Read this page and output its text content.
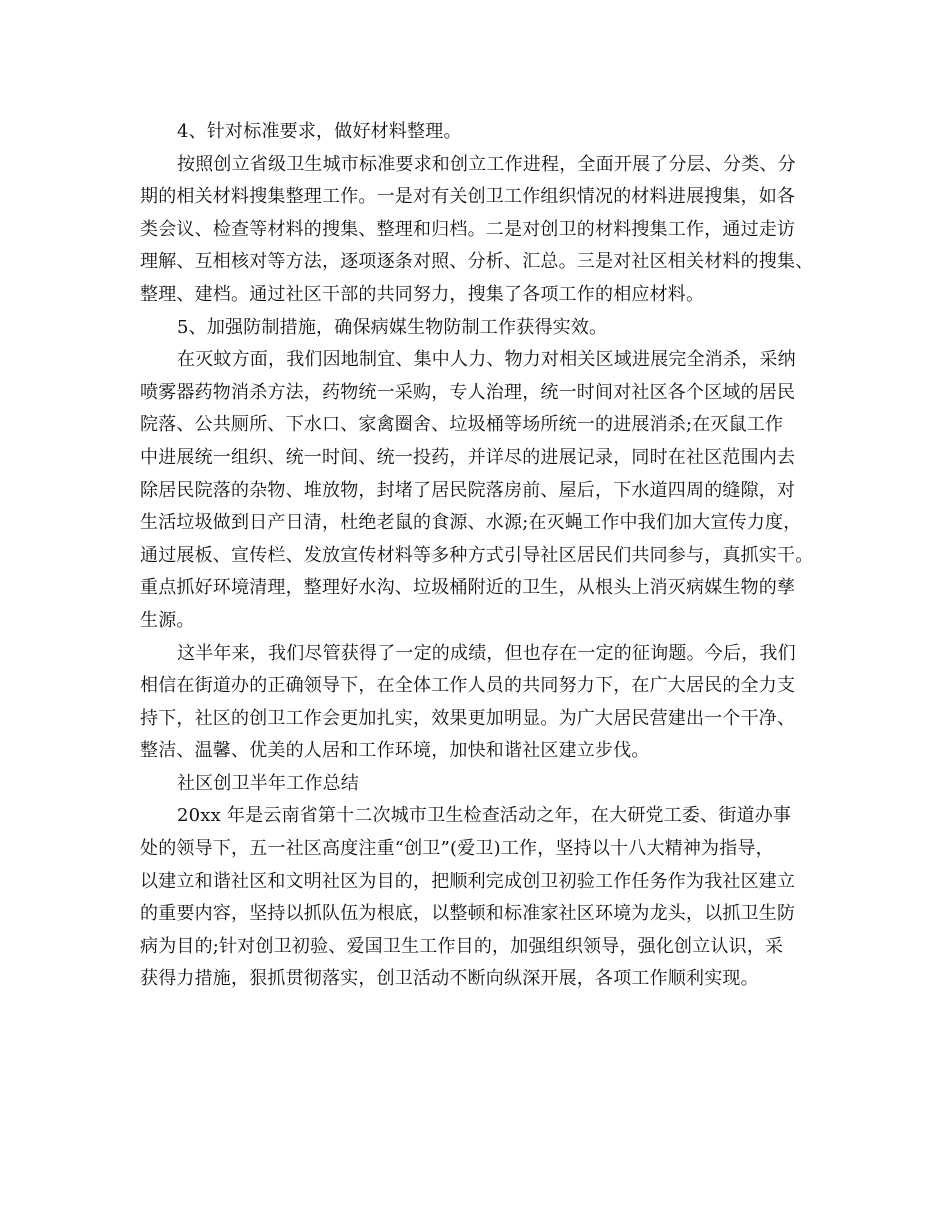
4、针对标准要求，做好材料整理。
按照创立省级卫生城市标准要求和创立工作进程，全面开展了分层、分类、分
期的相关材料搜集整理工作。一是对有关创卫工作组织情况的材料进展搜集，如各
类会议、检查等材料的搜集、整理和归档。二是对创卫的材料搜集工作，通过走访
理解、互相核对等方法，逐项逐条对照、分析、汇总。三是对社区相关材料的搜集、
整理、建档。通过社区干部的共同努力，搜集了各项工作的相应材料。
5、加强防制措施，确保病媒生物防制工作获得实效。
在灭蚊方面，我们因地制宜、集中人力、物力对相关区域进展完全消杀，采纳
喷雾器药物消杀方法，药物统一采购，专人治理，统一时间对社区各个区域的居民
院落、公共厕所、下水口、家禽圈舍、垃圾桶等场所统一的进展消杀;在灭鼠工作
中进展统一组织、统一时间、统一投药，并详尽的进展记录，同时在社区范围内去
除居民院落的杂物、堆放物，封堵了居民院落房前、屋后，下水道四周的缝隙，对
生活垃圾做到日产日清，杜绝老鼠的食源、水源;在灭蝇工作中我们加大宣传力度，
通过展板、宣传栏、发放宣传材料等多种方式引导社区居民们共同参与，真抓实干。
重点抓好环境清理，整理好水沟、垃圾桶附近的卫生，从根头上消灭病媒生物的孳
生源。
这半年来，我们尽管获得了一定的成绩，但也存在一定的征询题。今后，我们
相信在街道办的正确领导下，在全体工作人员的共同努力下，在广大居民的全力支
持下，社区的创卫工作会更加扎实，效果更加明显。为广大居民营建出一个干净、
整洁、温馨、优美的人居和工作环境，加快和谐社区建立步伐。
社区创卫半年工作总结
20xx 年是云南省第十二次城市卫生检查活动之年，在大研党工委、街道办事
处的领导下，五一社区高度注重“创卫”(爱卫)工作，坚持以十八大精神为指导，
以建立和谐社区和文明社区为目的，把顺利完成创卫初验工作任务作为我社区建立
的重要内容，坚持以抓队伍为根底，以整顿和标准家社区环境为龙头，以抓卫生防
病为目的;针对创卫初验、爱国卫生工作目的，加强组织领导，强化创立认识，采
获得力措施，狠抓贯彻落实，创卫活动不断向纵深开展，各项工作顺利实现。
